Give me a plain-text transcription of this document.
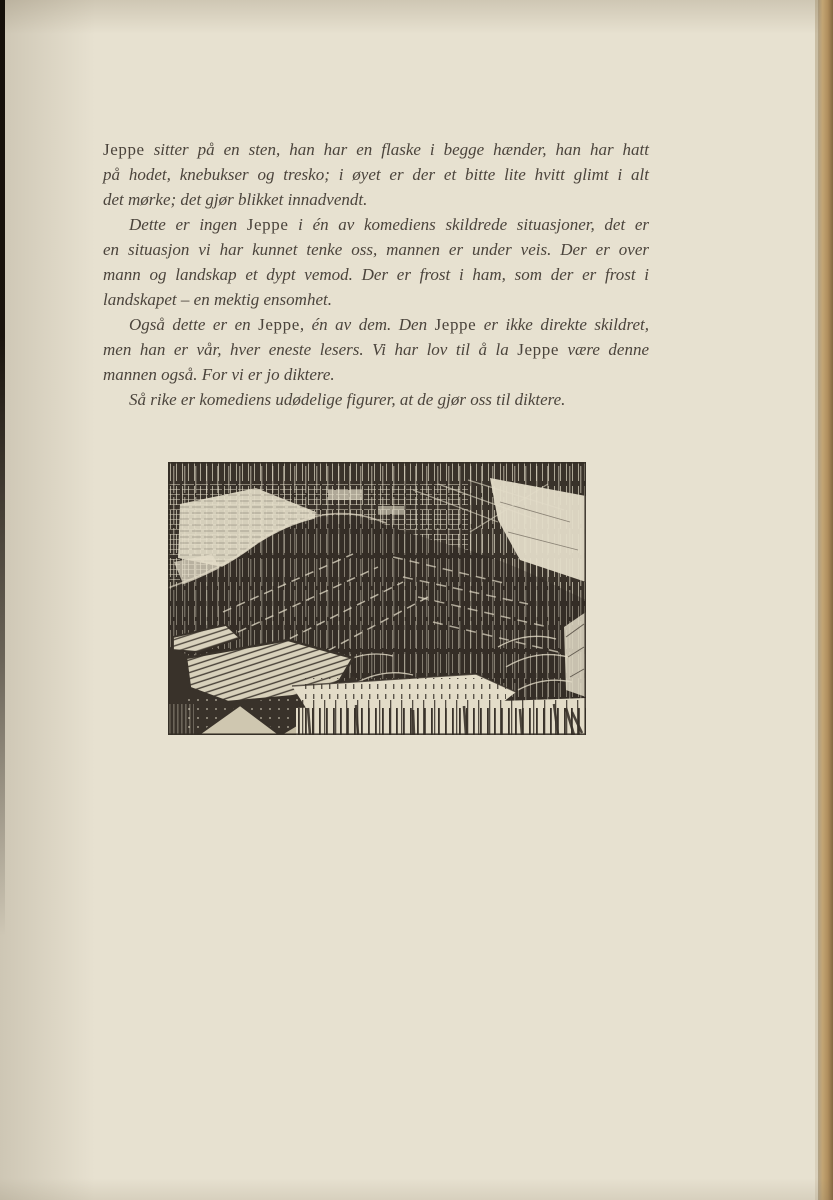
Jeppe sitter på en sten, han har en flaske i begge hænder, han har hatt
på hodet, knebukser og tresko; i øyet er der et bitte lite hvitt glimt i alt
det mørke; det gjør blikket innadvendt.
Dette er ingen Jeppe i én av komediens skildrede situasjoner, det er
en situasjon vi har kunnet tenke oss, mannen er under veis. Der er over
mann og landskap et dypt vemod. Der er frost i ham, som der er frost i
landskapet – en mektig ensomhet.
Også dette er en Jeppe, én av dem. Den Jeppe er ikke direkte skildret,
men han er vår, hver eneste lesers. Vi har lov til å la Jeppe være denne
mannen også. For vi er jo diktere.
Så rike er komediens udødelige figurer, at de gjør oss til diktere.
